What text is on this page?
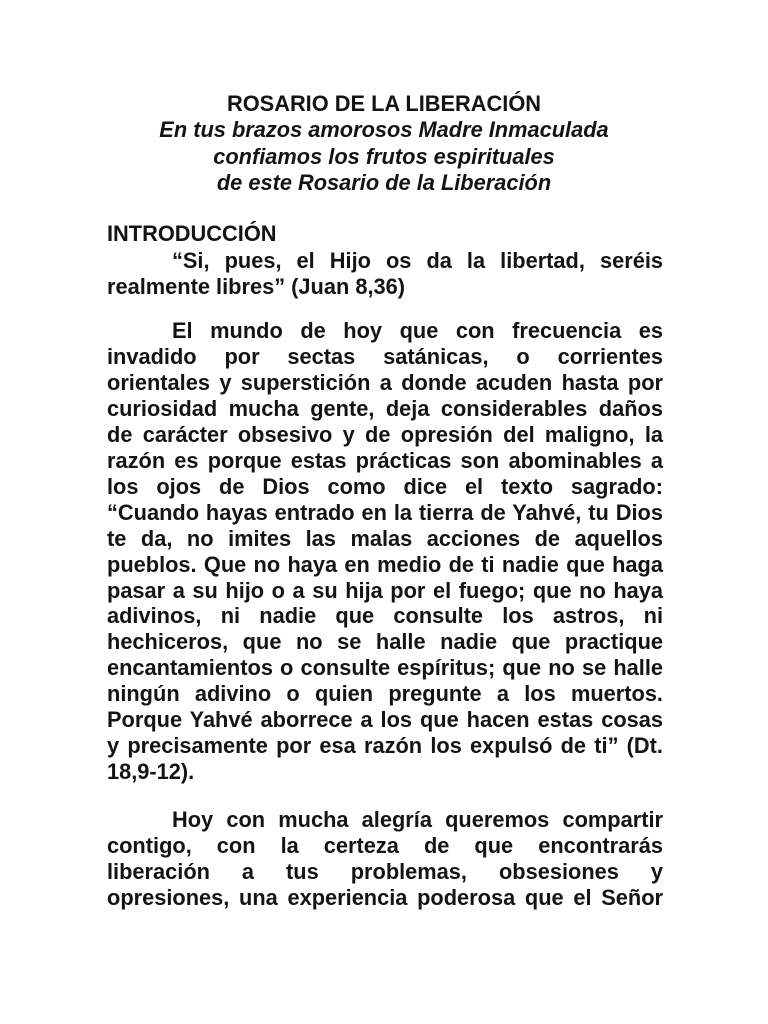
ROSARIO DE LA LIBERACIÓN
En tus brazos amorosos Madre Inmaculada
confiamos los frutos espirituales
de este Rosario de la Liberación
INTRODUCCIÓN
“Si, pues, el Hijo os da la libertad, seréis
realmente libres” (Juan 8,36)
El mundo de hoy que con frecuencia es
invadido por sectas satánicas, o corrientes
orientales y superstición a donde acuden hasta por
curiosidad mucha gente, deja considerables daños
de carácter obsesivo y de opresión del maligno, la
razón es porque estas prácticas son abominables a
los ojos de Dios como dice el texto sagrado:
“Cuando hayas entrado en la tierra de Yahvé, tu Dios
te da, no imites las malas acciones de aquellos
pueblos. Que no haya en medio de ti nadie que haga
pasar a su hijo o a su hija por el fuego; que no haya
adivinos, ni nadie que consulte los astros, ni
hechiceros, que no se halle nadie que practique
encantamientos o consulte espíritus; que no se halle
ningún adivino o quien pregunte a los muertos.
Porque Yahvé aborrece a los que hacen estas cosas
y precisamente por esa razón los expulsó de ti” (Dt.
18,9-12).
Hoy con mucha alegría queremos compartir
contigo, con la certeza de que encontrarás
liberación a tus problemas, obsesiones y
opresiones, una experiencia poderosa que el Señor
